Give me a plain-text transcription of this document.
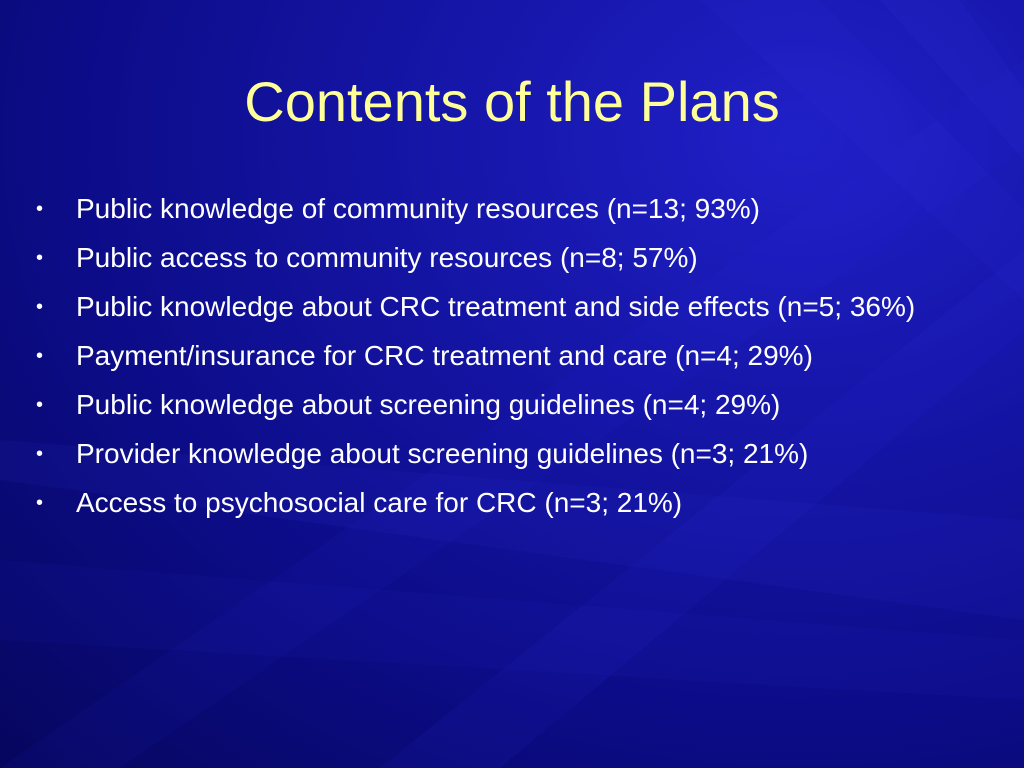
Contents of the Plans
•	Public knowledge of community resources (n=13; 93%)
•	Public access to community resources (n=8; 57%)
•	Public knowledge about CRC treatment and side effects (n=5; 36%)
•	Payment/insurance for CRC treatment and care (n=4; 29%)
•	Public knowledge about screening guidelines (n=4; 29%)
•	Provider knowledge about screening guidelines (n=3; 21%)
•	Access to psychosocial care for CRC (n=3; 21%)
